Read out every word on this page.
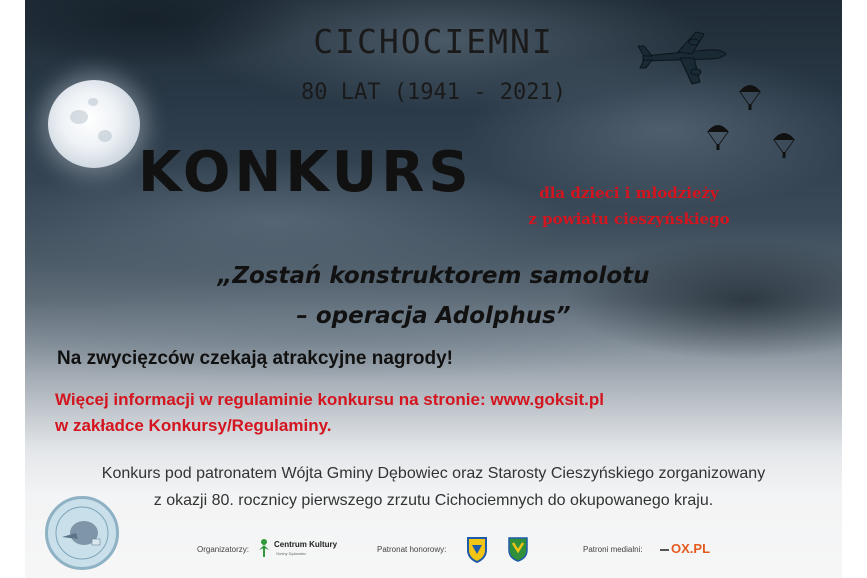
CICHOCIEMNI
80 LAT (1941 - 2021)
KONKURS	dla dzieci i młodzieży
z powiatu cieszyńskiego
„Zostań konstruktorem samolotu
– operacja Adolphus”
Na zwycięzców czekają atrakcyjne nagrody!
Więcej informacji w regulaminie konkursu na stronie: www.goksit.pl
w zakładce Konkursy/Regulaminy.
Konkurs pod patronatem Wójta Gminy Dębowiec oraz Starosty Cieszyńskiego zorganizowany
z okazji 80. rocznicy pierwszego zrzutu Cichociemnych do okupowanego kraju.
Organizatorzy:
Centrum Kultury
Gminy Dębowiec	Patronat honorowy:	Patroni medialni: OX.PL
